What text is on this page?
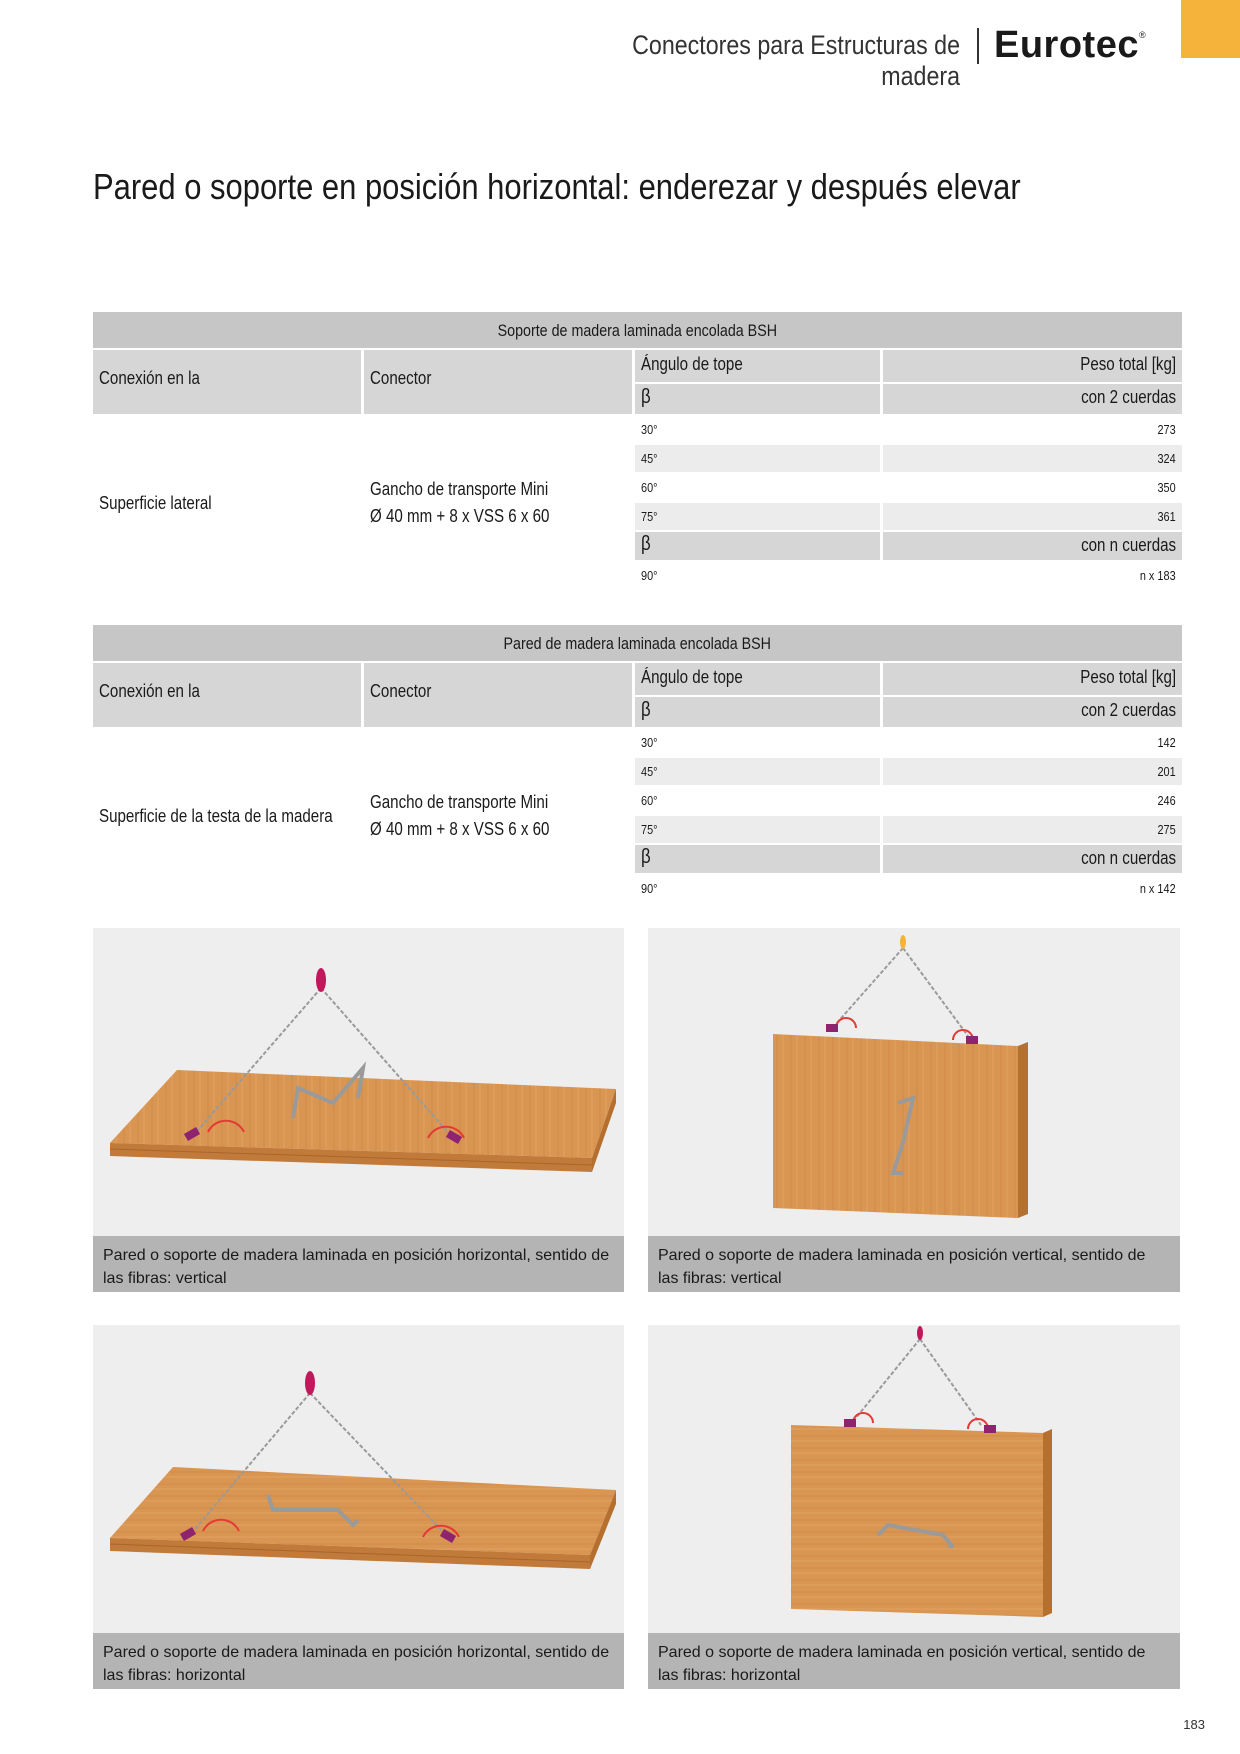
Conectores para Estructuras de madera
Eurotec®
Pared o soporte en posición horizontal: enderezar y después elevar
Soporte de madera laminada encolada BSH
Conexión en la	Conector
Ángulo de tope	Peso total [kg]
β	con 2 cuerdas
Superficie lateral
Gancho de transporte Mini
Ø 40 mm + 8 x VSS 6 x 60
30°	273
45°	324
60°	350
75°	361
β	con n cuerdas
90°	n x 183
Pared de madera laminada encolada BSH
Conexión en la	Conector
Ángulo de tope	Peso total [kg]
β	con 2 cuerdas
Superficie de la testa de la madera
Gancho de transporte Mini
Ø 40 mm + 8 x VSS 6 x 60
30°	142
45°	201
60°	246
75°	275
β	con n cuerdas
90°	n x 142
Pared o soporte de madera laminada en posición horizontal, sentido de las fibras: vertical
Pared o soporte de madera laminada en posición vertical, sentido de las fibras: vertical
Pared o soporte de madera laminada en posición horizontal, sentido de las fibras: horizontal
Pared o soporte de madera laminada en posición vertical, sentido de las fibras: horizontal
183
